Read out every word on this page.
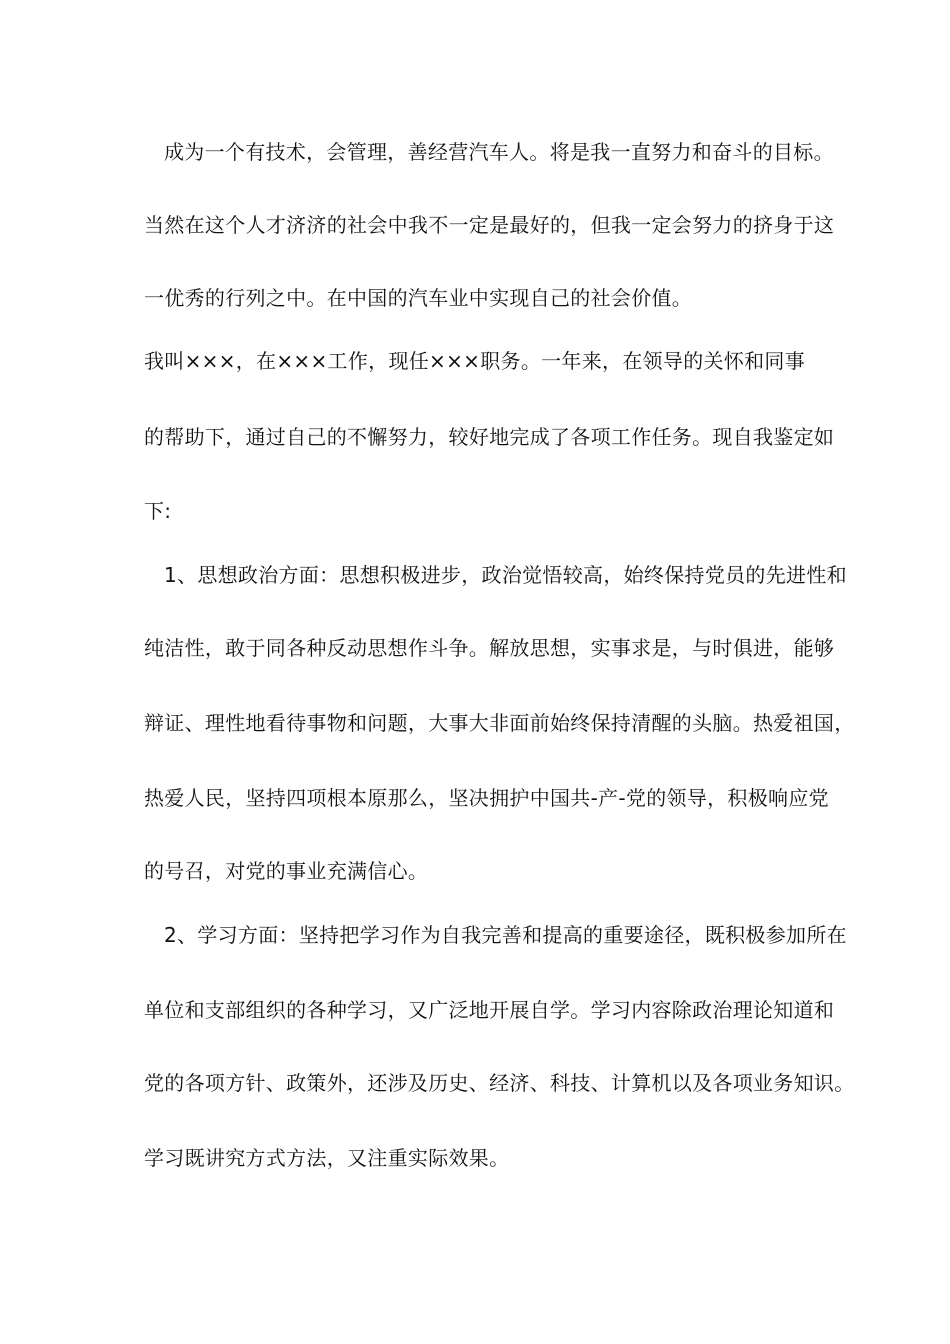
成为一个有技术，会管理，善经营汽车人。将是我一直努力和奋斗的目标。
当然在这个人才济济的社会中我不一定是最好的，但我一定会努力的挤身于这
一优秀的行列之中。在中国的汽车业中实现自己的社会价值。
我叫×××，在×××工作，现任×××职务。一年来，在领导的关怀和同事
的帮助下，通过自己的不懈努力，较好地完成了各项工作任务。现自我鉴定如
下:
1、思想政治方面：思想积极进步，政治觉悟较高，始终保持党员的先进性和
纯洁性，敢于同各种反动思想作斗争。解放思想，实事求是，与时俱进，能够
辩证、理性地看待事物和问题，大事大非面前始终保持清醒的头脑。热爱祖国，
热爱人民，坚持四项根本原那么，坚决拥护中国共-产-党的领导，积极响应党
的号召，对党的事业充满信心。
2、学习方面：坚持把学习作为自我完善和提高的重要途径，既积极参加所在
单位和支部组织的各种学习，又广泛地开展自学。学习内容除政治理论知道和
党的各项方针、政策外，还涉及历史、经济、科技、计算机以及各项业务知识。
学习既讲究方式方法，又注重实际效果。
